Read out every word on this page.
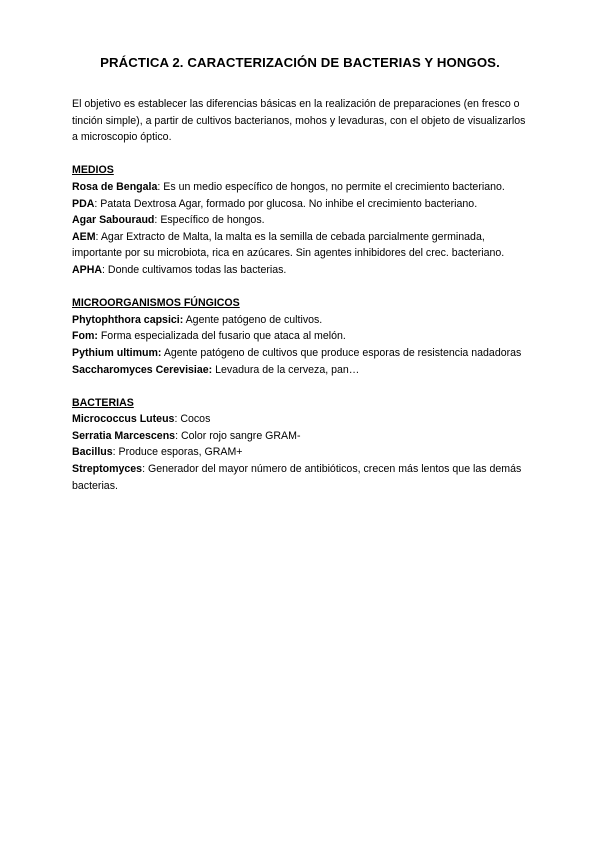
PRÁCTICA 2. CARACTERIZACIÓN DE BACTERIAS Y HONGOS.

El objetivo es establecer las diferencias básicas en la realización de preparaciones (en fresco o tinción simple), a partir de cultivos bacterianos, mohos y levaduras, con el objeto de visualizarlos a microscopio óptico.

MEDIOS

Rosa de Bengala: Es un medio específico de hongos, no permite el crecimiento bacteriano.

PDA: Patata Dextrosa Agar, formado por glucosa. No inhibe el crecimiento bacteriano.

Agar Sabouraud: Específico de hongos.

AEM: Agar Extracto de Malta, la malta es la semilla de cebada parcialmente germinada, importante por su microbiota, rica en azúcares. Sin agentes inhibidores del crec. bacteriano.

APHA: Donde cultivamos todas las bacterias.

MICROORGANISMOS FÚNGICOS

Phytophthora capsici: Agente patógeno de cultivos.

Fom: Forma especializada del fusario que ataca al melón.

Pythium ultimum: Agente patógeno de cultivos que produce esporas de resistencia nadadoras

Saccharomyces Cerevisiae: Levadura de la cerveza, pan…

BACTERIAS

Micrococcus Luteus: Cocos

Serratia Marcescens: Color rojo sangre GRAM-

Bacillus: Produce esporas, GRAM+

Streptomyces: Generador del mayor número de antibióticos, crecen más lentos que las demás bacterias.
